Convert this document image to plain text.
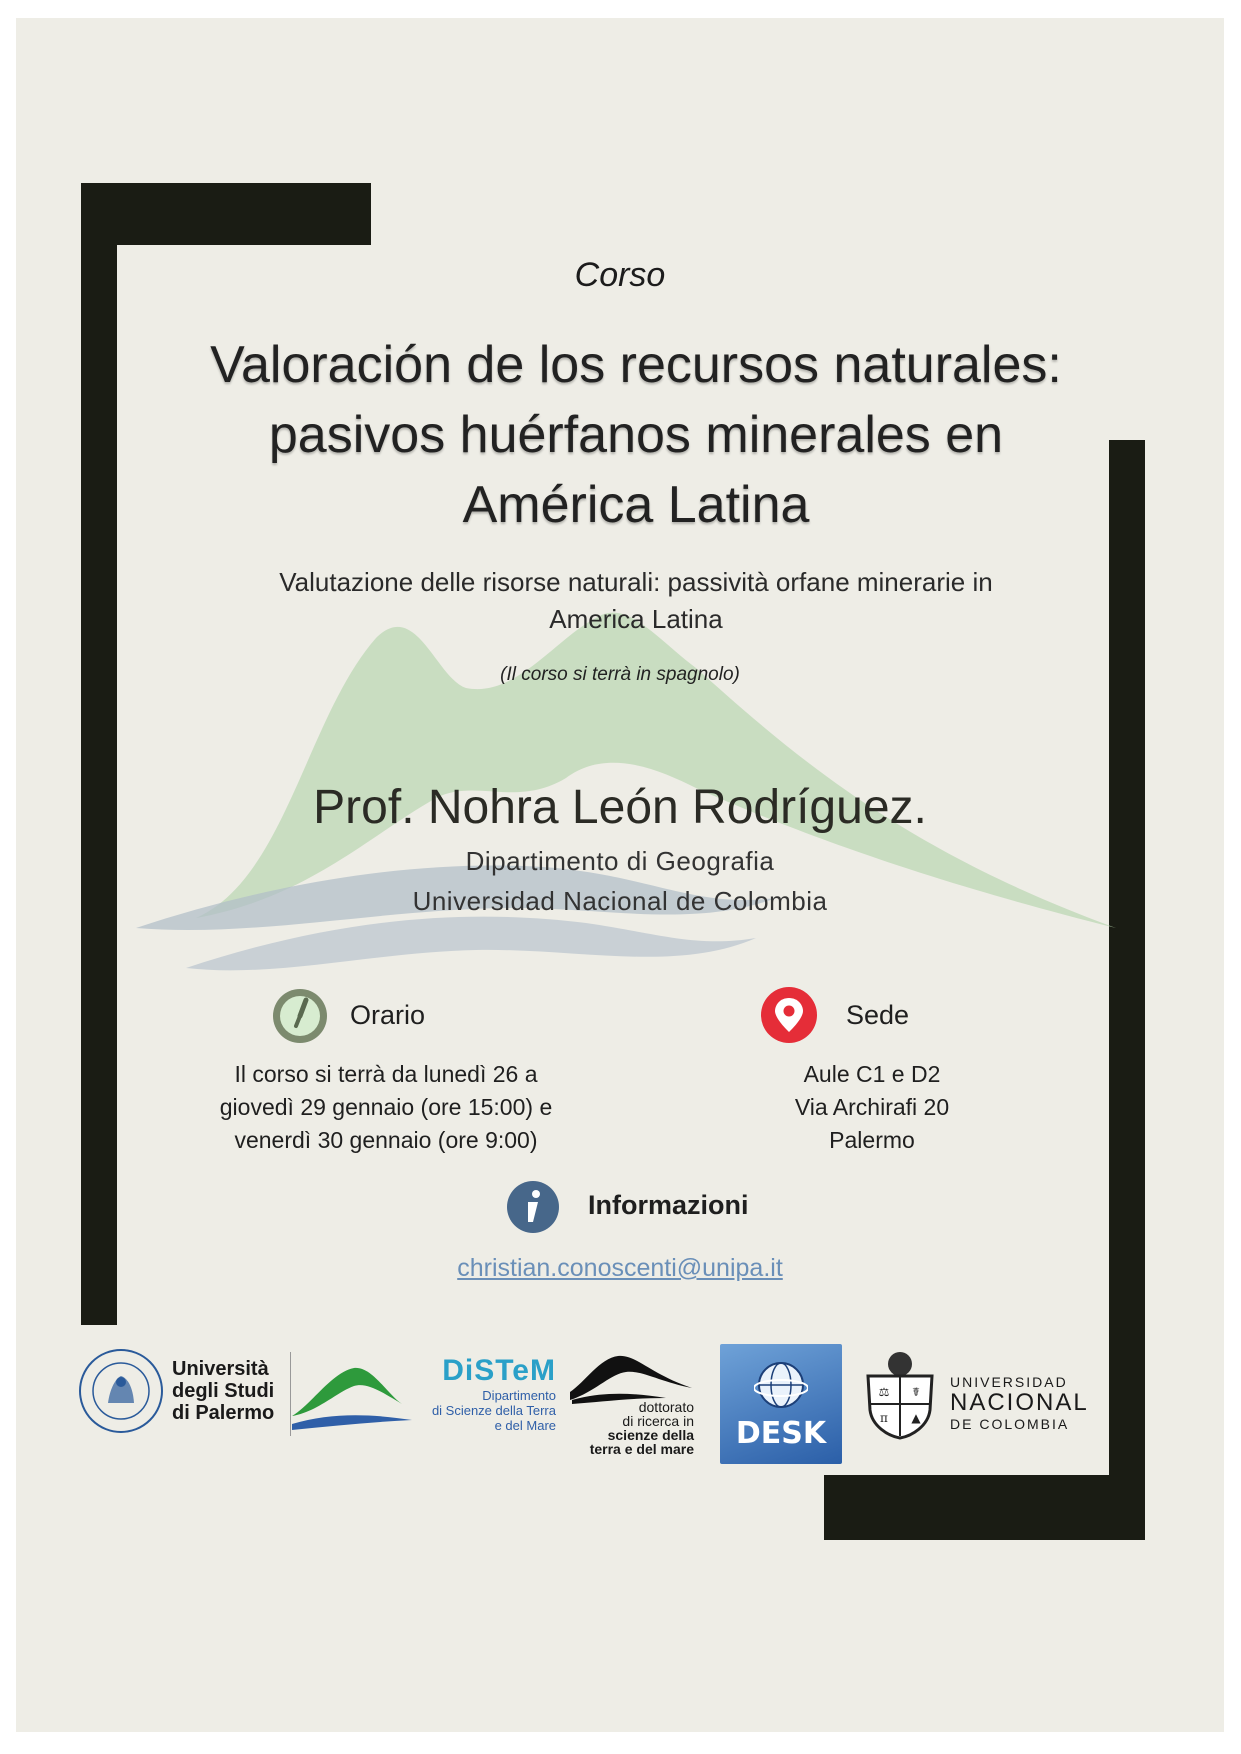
Corso
Valoración de los recursos naturales:
pasivos huérfanos minerales en
América Latina
Valutazione delle risorse naturali: passività orfane minerarie in
America Latina
(Il corso si terrà in spagnolo)
Prof. Nohra León Rodríguez.
Dipartimento di Geografia
Universidad Nacional de Colombia
Orario
Il corso si terrà da lunedì 26 a
giovedì 29 gennaio (ore 15:00) e
venerdì 30 gennaio (ore 9:00)
Sede
Aule C1 e D2
Via Archirafi 20
Palermo
Informazioni
christian.conoscenti@unipa.it
Università
degli Studi
di Palermo
DiSTeM
Dipartimento
di Scienze della Terra
e del Mare
dottorato
di ricerca in
scienze della
terra e del mare	DESK
⚖ ☤
π ▲
UNIVERSIDAD
NACIONAL
DE COLOMBIA
